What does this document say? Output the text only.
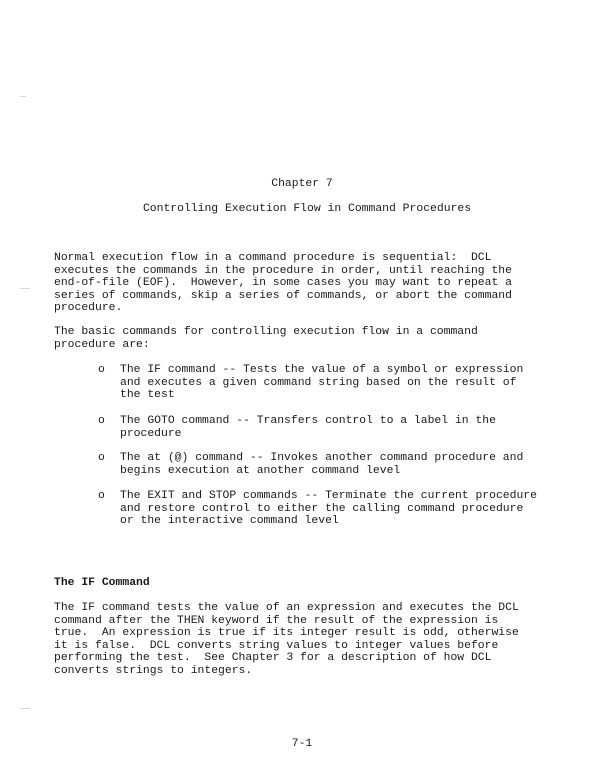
Chapter 7
Controlling Execution Flow in Command Procedures
Normal execution flow in a command procedure is sequential:  DCL
executes the commands in the procedure in order, until reaching the
end-of-file (EOF).  However, in some cases you may want to repeat a
series of commands, skip a series of commands, or abort the command
procedure.
The basic commands for controlling execution flow in a command
procedure are:
o The IF command -- Tests the value of a symbol or expression
and executes a given command string based on the result of
the test
o The GOTO command -- Transfers control to a label in the
procedure
o The at (@) command -- Invokes another command procedure and
begins execution at another command level
o The EXIT and STOP commands -- Terminate the current procedure
and restore control to either the calling command procedure
or the interactive command level
The IF Command
The IF command tests the value of an expression and executes the DCL
command after the THEN keyword if the result of the expression is
true.  An expression is true if its integer result is odd, otherwise
it is false.  DCL converts string values to integer values before
performing the test.  See Chapter 3 for a description of how DCL
converts strings to integers.
7-1
